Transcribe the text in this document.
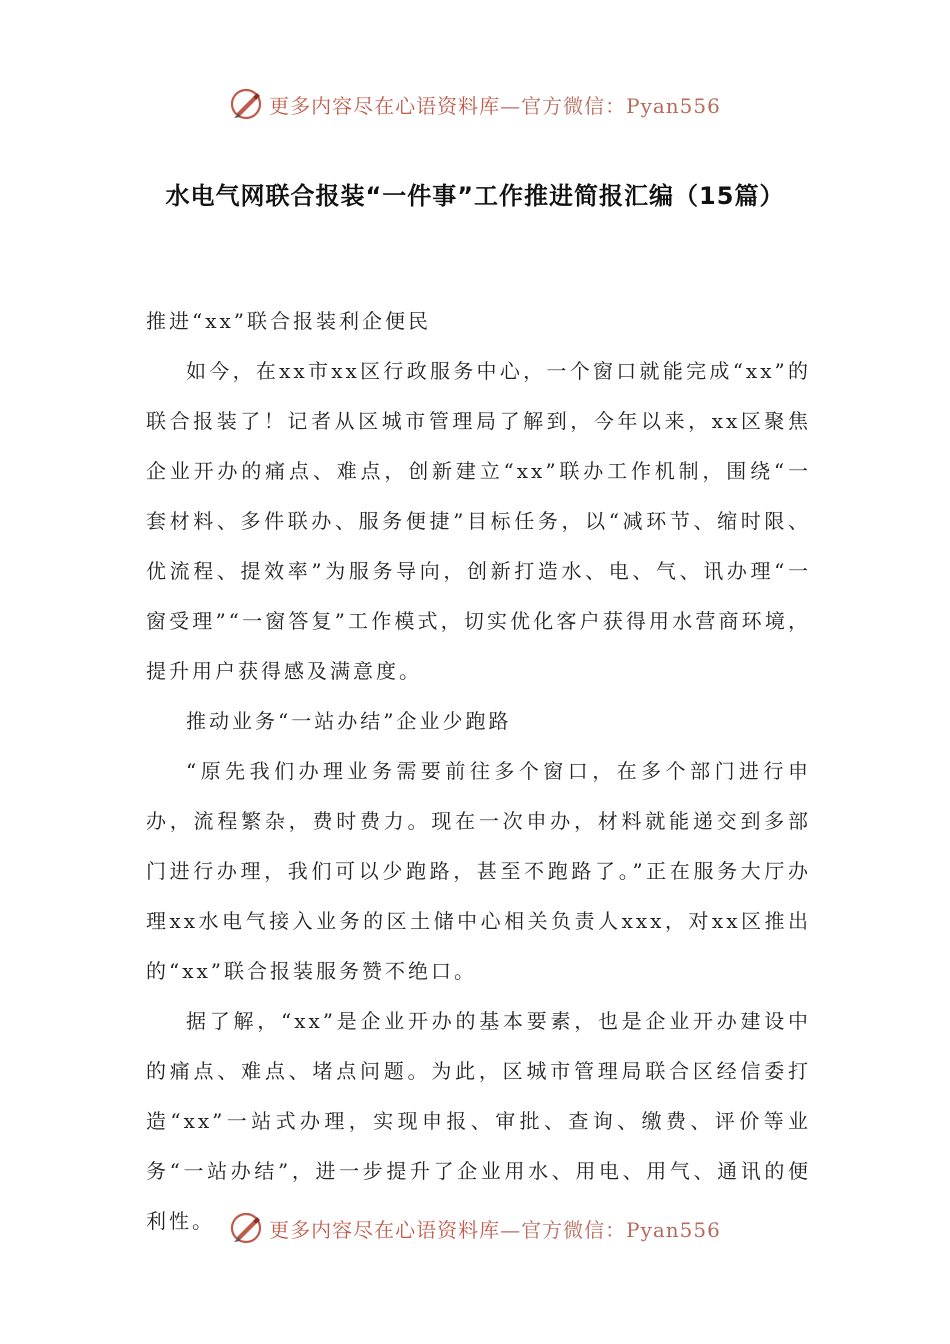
更多内容尽在心语资料库—官方微信：Pyan556
水电气网联合报装“一件事”工作推进简报汇编（15篇）

推进“xx”联合报装利企便民

如今，在xx市xx区行政服务中心，一个窗口就能完成“xx”的联合报装了！记者从区城市管理局了解到，今年以来，xx区聚焦企业开办的痛点、难点，创新建立“xx”联办工作机制，围绕“一套材料、多件联办、服务便捷”目标任务，以“减环节、缩时限、优流程、提效率”为服务导向，创新打造水、电、气、讯办理“一窗受理”“一窗答复”工作模式，切实优化客户获得用水营商环境，提升用户获得感及满意度。

推动业务“一站办结”企业少跑路

“原先我们办理业务需要前往多个窗口，在多个部门进行申办，流程繁杂，费时费力。现在一次申办，材料就能递交到多部门进行办理，我们可以少跑路，甚至不跑路了。”正在服务大厅办理xx水电气接入业务的区土储中心相关负责人xxx，对xx区推出的“xx”联合报装服务赞不绝口。

据了解，“xx”是企业开办的基本要素，也是企业开办建设中的痛点、难点、堵点问题。为此，区城市管理局联合区经信委打造“xx”一站式办理，实现申报、审批、查询、缴费、评价等业务“一站办结”，进一步提升了企业用水、用电、用气、通讯的便利性。	更多内容尽在心语资料库—官方微信：Pyan556
